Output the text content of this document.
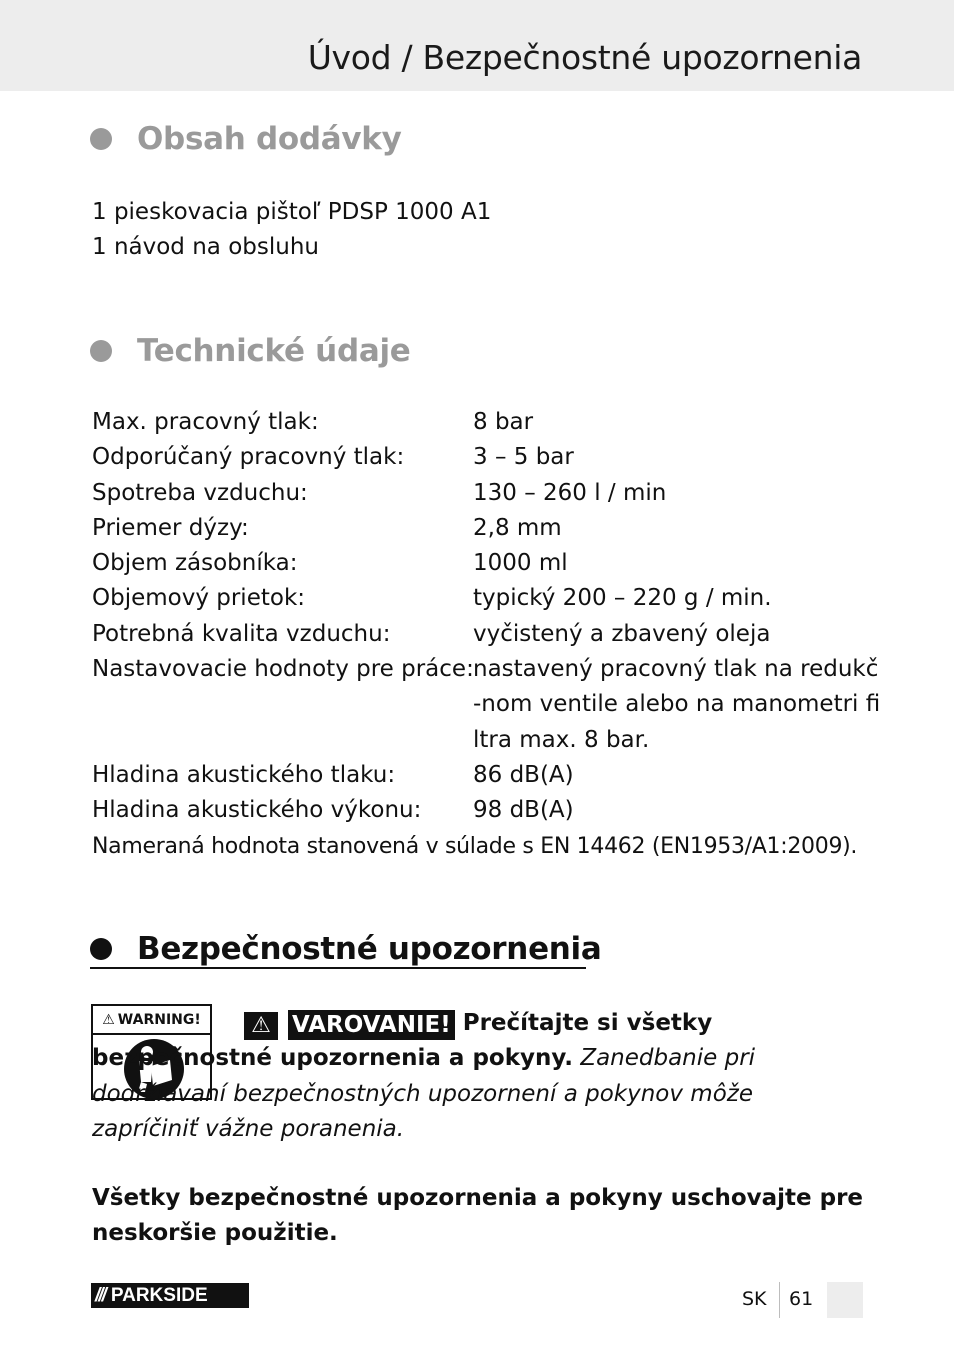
Úvod / Bezpečnostné upozornenia
Obsah dodávky
1 pieskovacia pištoľ PDSP 1000 A1
1 návod na obsluhu
Technické údaje
Max. pracovný tlak:	8 bar
Odporúčaný pracovný tlak:	3 – 5 bar
Spotreba vzduchu:	130 – 260 l / min
Priemer dýzy:	2,8 mm
Objem zásobníka:	1000 ml
Objemový prietok:	typický 200 – 220 g / min.
Potrebná kvalita vzduchu:	vyčistený a zbavený oleja
Nastavovacie hodnoty pre práce: nastavený pracovný tlak na redukč-nom ventile alebo na manometri filtra max. 8 bar.
Hladina akustického tlaku:	86 dB(A)
Hladina akustického výkonu:	98 dB(A)
Nameraná hodnota stanovená v súlade s EN 14462 (EN1953/A1:2009).
Bezpečnostné upozornenia
⚠ WARNING!	⚠ VAROVANIE! Prečítajte si všetky bezpečnostné upozornenia a pokyny. Zanedbanie pri dodržiavaní bezpečnostných upozornení a pokynov môže zapríčiniť vážne poranenia.
Všetky bezpečnostné upozornenia a pokyny uschovajte pre neskoršie použitie.
/// PARKSIDE	SK 61
